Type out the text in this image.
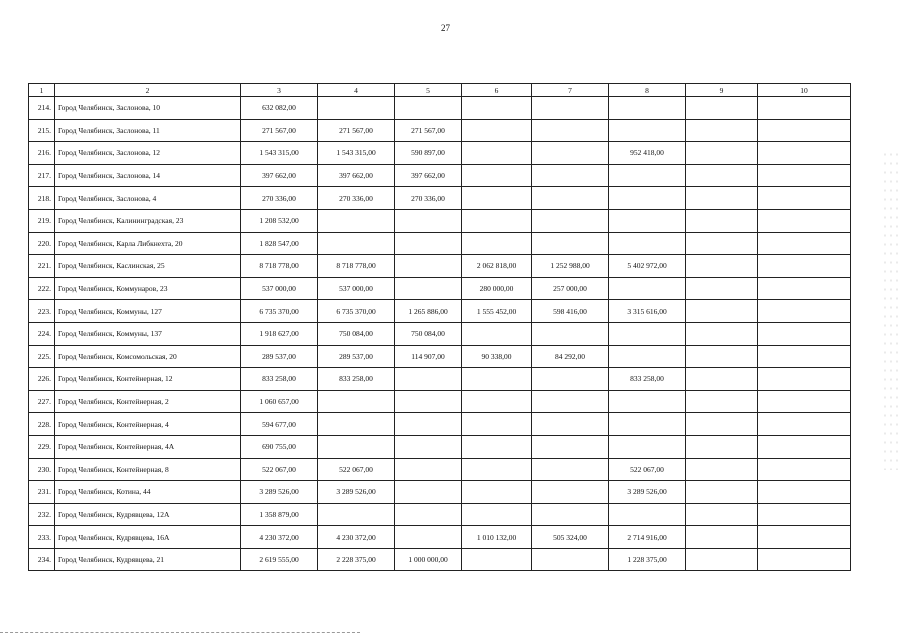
27
1	2	3	4	5	6	7	8	9	10
214.	Город Челябинск, Заслонова, 10	632 082,00							
215.	Город Челябинск, Заслонова, 11	271 567,00	271 567,00	271 567,00					
216.	Город Челябинск, Заслонова, 12	1 543 315,00	1 543 315,00	590 897,00			952 418,00		
217.	Город Челябинск, Заслонова, 14	397 662,00	397 662,00	397 662,00					
218.	Город Челябинск, Заслонова, 4	270 336,00	270 336,00	270 336,00					
219.	Город Челябинск, Калининградская, 23	1 208 532,00							
220.	Город Челябинск, Карла Либкнехта, 20	1 828 547,00							
221.	Город Челябинск, Каслинская, 25	8 718 778,00	8 718 778,00		2 062 818,00	1 252 988,00	5 402 972,00		
222.	Город Челябинск, Коммунаров, 23	537 000,00	537 000,00		280 000,00	257 000,00			
223.	Город Челябинск, Коммуны, 127	6 735 370,00	6 735 370,00	1 265 886,00	1 555 452,00	598 416,00	3 315 616,00		
224.	Город Челябинск, Коммуны, 137	1 918 627,00	750 084,00	750 084,00					
225.	Город Челябинск, Комсомольская, 20	289 537,00	289 537,00	114 907,00	90 338,00	84 292,00			
226.	Город Челябинск, Контейнерная, 12	833 258,00	833 258,00				833 258,00		
227.	Город Челябинск, Контейнерная, 2	1 060 657,00							
228.	Город Челябинск, Контейнерная, 4	594 677,00							
229.	Город Челябинск, Контейнерная, 4А	690 755,00							
230.	Город Челябинск, Контейнерная, 8	522 067,00	522 067,00				522 067,00		
231.	Город Челябинск, Котина, 44	3 289 526,00	3 289 526,00				3 289 526,00		
232.	Город Челябинск, Кудрявцева, 12А	1 358 879,00							
233.	Город Челябинск, Кудрявцева, 16А	4 230 372,00	4 230 372,00		1 010 132,00	505 324,00	2 714 916,00		
234.	Город Челябинск, Кудрявцева, 21	2 619 555,00	2 228 375,00	1 000 000,00			1 228 375,00		
